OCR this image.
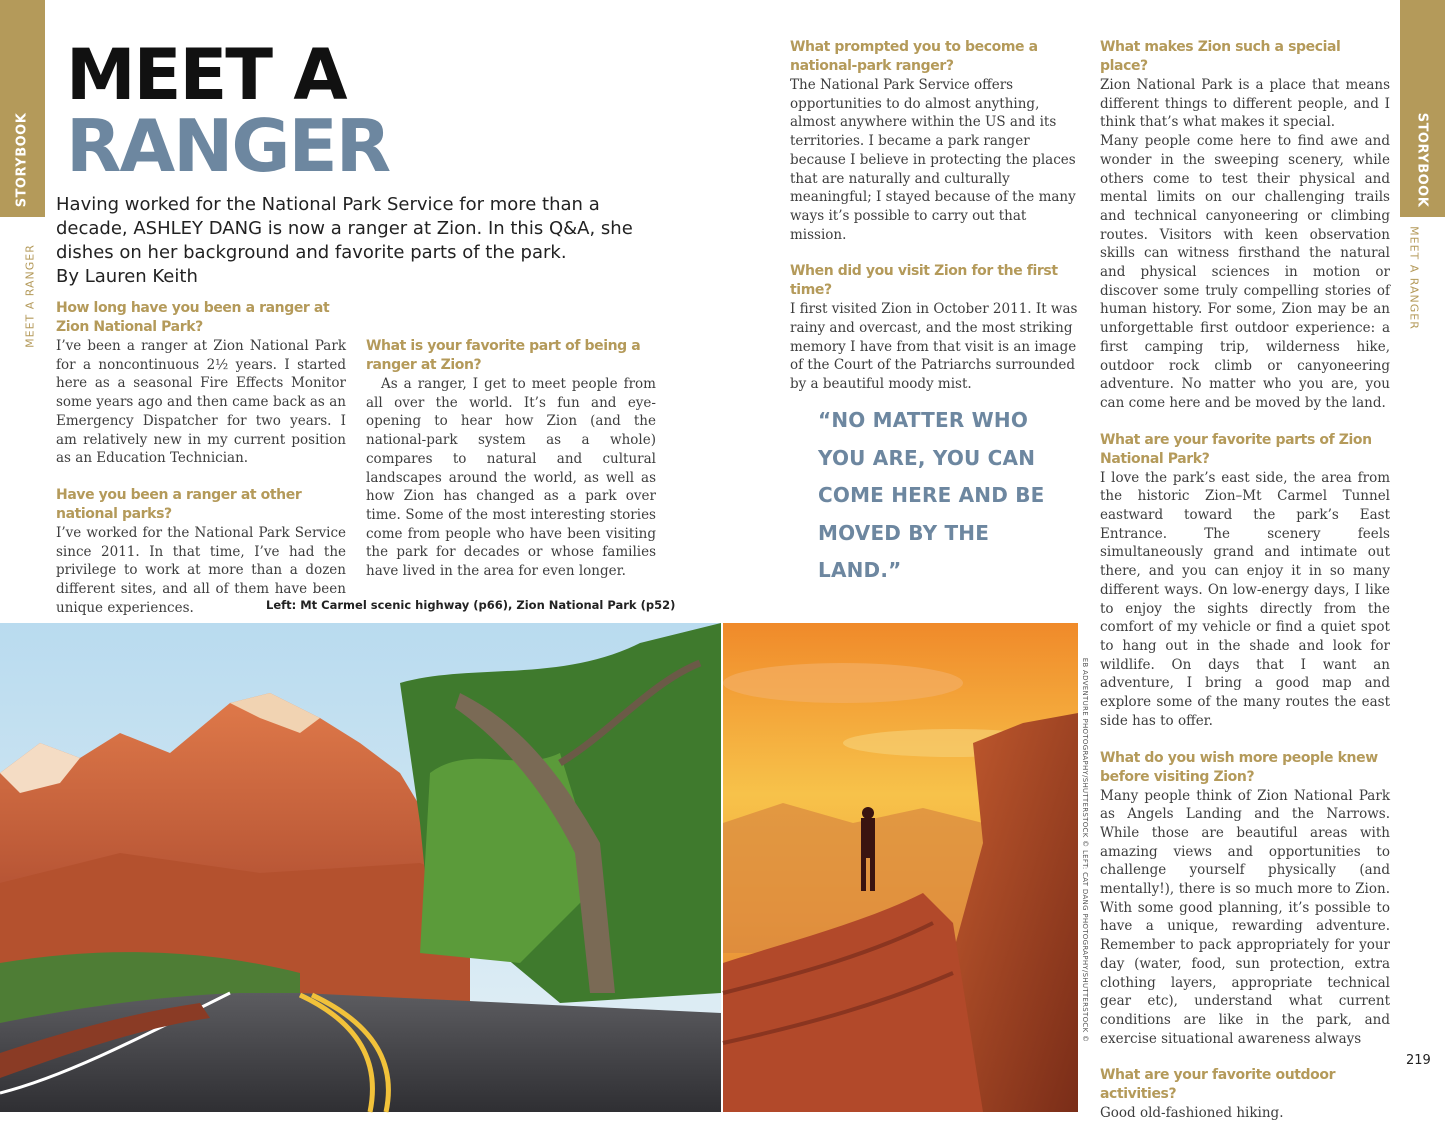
STORYBOOK
MEET A RANGER
STORYBOOK
MEET A RANGER
MEET A
RANGER
Having worked for the National Park Service for more than a decade, ASHLEY DANG is now a ranger at Zion. In this Q&A, she dishes on her background and favorite parts of the park.
By Lauren Keith
How long have you been a ranger at Zion National Park?
I’ve been a ranger at Zion National Park for a noncontinuous 2½ years. I started here as a seasonal Fire Effects Monitor some years ago and then came back as an Emergency Dispatcher for two years. I am relatively new in my current position as an Education Technician.
Have you been a ranger at other national parks?
I’ve worked for the National Park Service since 2011. In that time, I’ve had the privilege to work at more than a dozen different sites, and all of them have been unique experiences.
What is your favorite part of being a ranger at Zion?
As a ranger, I get to meet people from all over the world. It’s fun and eye-opening to hear how Zion (and the national-park system as a whole) compares to natural and cultural landscapes around the world, as well as how Zion has changed as a park over time. Some of the most interesting stories come from people who have been visiting the park for decades or whose families have lived in the area for even longer.
What prompted you to become a national-park ranger?
The National Park Service offers opportunities to do almost anything, almost anywhere within the US and its territories. I became a park ranger because I believe in protecting the places that are naturally and culturally meaningful; I stayed because of the many ways it’s possible to carry out that mission.
When did you visit Zion for the first time?
I first visited Zion in October 2011. It was rainy and overcast, and the most striking memory I have from that visit is an image of the Court of the Patriarchs surrounded by a beautiful moody mist.
“NO MATTER WHO YOU ARE, YOU CAN COME HERE AND BE MOVED BY THE LAND.”
What makes Zion such a special place?
Zion National Park is a place that means different things to different people, and I think that’s what makes it special.
Many people come here to find awe and wonder in the sweeping scenery, while others come to test their physical and mental limits on our challenging trails and technical canyoneering or climbing routes. Visitors with keen observation skills can witness firsthand the natural and physical sciences in motion or discover some truly compelling stories of human history. For some, Zion may be an unforgettable first outdoor experience: a first camping trip, wilderness hike, outdoor rock climb or canyoneering adventure. No matter who you are, you can come here and be moved by the land.
What are your favorite parts of Zion National Park?
I love the park’s east side, the area from the historic Zion–Mt Carmel Tunnel eastward toward the park’s East Entrance. The scenery feels simultaneously grand and intimate out there, and you can enjoy it in so many different ways. On low-energy days, I like to enjoy the sights directly from the comfort of my vehicle or find a quiet spot to hang out in the shade and look for wildlife. On days that I want an adventure, I bring a good map and explore some of the many routes the east side has to offer.
What do you wish more people knew before visiting Zion?
Many people think of Zion National Park as Angels Landing and the Narrows. While those are beautiful areas with amazing views and opportunities to challenge yourself physically (and mentally!), there is so much more to Zion. With some good planning, it’s possible to have a unique, rewarding adventure. Remember to pack appropriately for your day (water, food, sun protection, extra clothing layers, appropriate technical gear etc), understand what current conditions are like in the park, and exercise situational awareness always
What are your favorite outdoor activities?
Good old-fashioned hiking.
Left: Mt Carmel scenic highway (p66), Zion National Park (p52)
EB ADVENTURE PHOTOGRAPHY/SHUTTERSTOCK © LEFT: CAT DANG PHOTOGRAPHY/SHUTTERSTOCK ©
219
